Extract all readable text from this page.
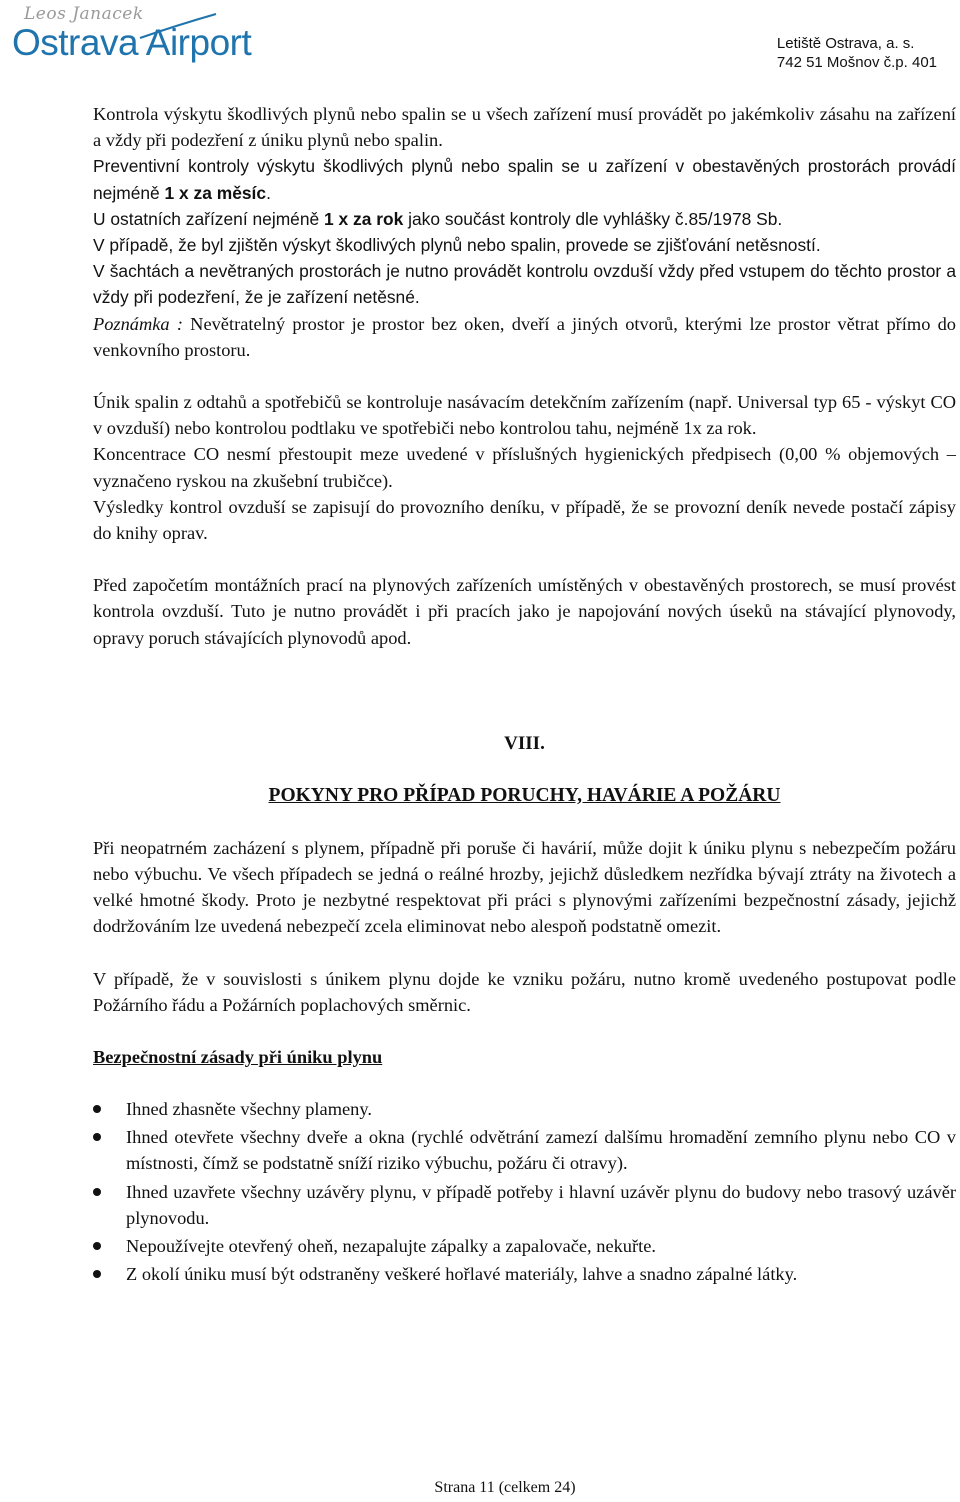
Leos Janacek
Ostrava Airport	Letiště Ostrava, a. s.
742 51 Mošnov č.p. 401

Kontrola výskytu škodlivých plynů nebo spalin se u všech zařízení musí provádět po jakémkoliv zásahu na zařízení a vždy při podezření z úniku plynů nebo spalin.

Preventivní kontroly výskytu škodlivých plynů nebo spalin se u zařízení v obestavěných prostorách provádí nejméně 1 x za měsíc.

U ostatních zařízení nejméně 1 x za rok jako součást kontroly dle vyhlášky č.85/1978 Sb.

V případě, že byl zjištěn výskyt škodlivých plynů nebo spalin, provede se zjišťování netěsností.

V šachtách a nevětraných prostorách je nutno provádět kontrolu ovzduší vždy před vstupem do těchto prostor a vždy při podezření, že je zařízení netěsné.

Poznámka : Nevětratelný prostor je prostor bez oken, dveří a jiných otvorů, kterými lze prostor větrat přímo do venkovního prostoru.

Únik spalin z odtahů a spotřebičů se kontroluje nasávacím detekčním zařízením (např. Universal typ 65 - výskyt CO v ovzduší) nebo kontrolou podtlaku ve spotřebiči nebo kontrolou tahu, nejméně 1x za rok.

Koncentrace CO nesmí přestoupit meze uvedené v příslušných hygienických předpisech (0,00 % objemových – vyznačeno ryskou na zkušební trubičce).

Výsledky kontrol ovzduší se zapisují do provozního deníku, v případě, že se provozní deník nevede postačí zápisy do knihy oprav.

Před započetím montážních prací na plynových zařízeních umístěných v obestavěných prostorech, se musí provést kontrola ovzduší. Tuto je nutno provádět i při pracích jako je napojování nových úseků na stávající plynovody, opravy poruch stávajících plynovodů apod.

VIII.
POKYNY PRO PŘÍPAD PORUCHY, HAVÁRIE A POŽÁRU

Při neopatrném zacházení s plynem, případně při poruše či havárií, může dojit k úniku plynu s nebezpečím požáru nebo výbuchu. Ve všech případech se jedná o reálné hrozby, jejichž důsledkem nezřídka bývají ztráty na životech a velké hmotné škody. Proto je nezbytné respektovat při práci s plynovými zařízeními bezpečnostní zásady, jejichž dodržováním lze uvedená nebezpečí zcela eliminovat nebo alespoň podstatně omezit.

V případě, že v souvislosti s únikem plynu dojde ke vzniku požáru, nutno kromě uvedeného postupovat podle Požárního řádu a Požárních poplachových směrnic.

Bezpečnostní zásady při úniku plynu
Ihned zhasněte všechny plameny.
Ihned otevřete všechny dveře a okna (rychlé odvětrání zamezí dalšímu hromadění zemního plynu nebo CO v místnosti, čímž se podstatně sníží riziko výbuchu, požáru či otravy).
Ihned uzavřete všechny uzávěry plynu, v případě potřeby i hlavní uzávěr plynu do budovy nebo trasový uzávěr plynovodu.
Nepoužívejte otevřený oheň, nezapalujte zápalky a zapalovače, nekuřte.
Z okolí úniku musí být odstraněny veškeré hořlavé materiály, lahve a snadno zápalné látky.
Strana 11 (celkem 24)
